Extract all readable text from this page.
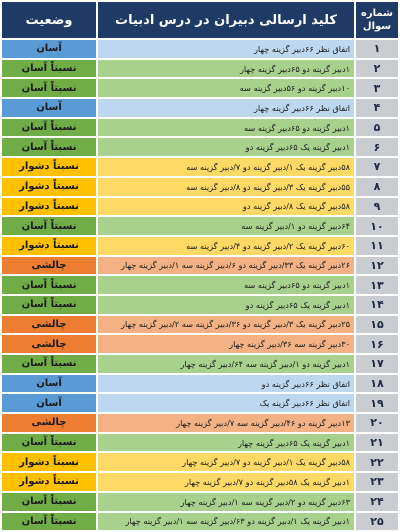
شماره سوال
کلید ارسالی دبیران در درس ادبیات
وضعیت
۱
اتفاق نظر ۶۶دبیر گزینه چهار
آسان
۲
۱دبیر گزینه دو ۶۵دبیر گزینه چهار
نسبتاً آسان
۳
۱۰دبیر گزینه دو ۵۶دبیر گزینه سه
نسبتاً آسان
۴
اتفاق نظر ۶۶دبیر گزینه چهار
آسان
۵
۱دبیر گزینه دو ۶۵دبیر گزینه سه
نسبتاً آسان
۶
۱دبیر گزینه یک ۶۵دبیر گزینه دو
نسبتاً آسان
۷
۵۸دبیر گزینه یک ۱/دبیر گزینه دو ۷/دبیر گزینه سه
نسبتاً دشوار
۸
۵۵دبیر گزینه یک ۳/دبیر گزینه دو ۸/دبیر گزینه سه
نسبتاً دشوار
۹
۵۸دبیر گزینه یک ۸/دبیر گزینه دو
نسبتاً دشوار
۱۰
۶۴دبیر گزینه دو ۱/دبیر گزینه سه
نسبتاً آسان
۱۱
۶۰دبیر گزینه یک ۲/دبیر گزینه دو ۴/دبیر گزینه سه
نسبتاً دشوار
۱۲
۲۶دبیر گزینه یک ۳۳/دبیر گزینه دو ۶/دبیر گزینه سه ۱/دبیر گزینه چهار
چالشی
۱۳
۱دبیر گزینه دو ۶۵دبیر گزینه سه
نسبتاً آسان
۱۴
۱دبیر گزینه یک ۶۵دبیر گزینه دو
نسبتاً آسان
۱۵
۲۵دبیر گزینه یک ۳/دبیر گزینه دو ۳۶/دبیر گزینه سه ۲/دبیر گزینه چهار
چالشی
۱۶
۳۰دبیر گزینه سه ۳۶/دبیر گزینه چهار
چالشی
۱۷
۱دبیر گزینه دو ۱/دبیر گزینه سه ۶۴/دبیر گزینه چهار
نسبتاً آسان
۱۸
اتفاق نظر ۶۶دبیر گزینه دو
آسان
۱۹
اتفاق نظر ۶۶دبیر گزینه یک
آسان
۲۰
۱۳دبیر گزینه دو ۴۶/دبیر گزینه سه ۷/دبیر گزینه چهار
چالشی
۲۱
۱دبیر گزینه یک ۶۵دبیر گزینه چهار
نسبتاً آسان
۲۲
۵۸دبیر گزینه یک ۱/دبیر گزینه دو ۷/دبیر گزینه چهار
نسبتاً دشوار
۲۳
۱دبیر گزینه یک ۵۸دبیر گزینه دو ۷/دبیر گزینه چهار
نسبتاً دشوار
۲۴
۶۳دبیر گزینه دو ۲/دبیر گزینه سه ۱/دبیر گزینه چهار
نسبتاً آسان
۲۵
۱دبیر گزینه یک ۱/دبیر گزینه دو ۶۳/دبیر گزینه سه ۱/دبیر گزینه چهار
نسبتاً آسان
